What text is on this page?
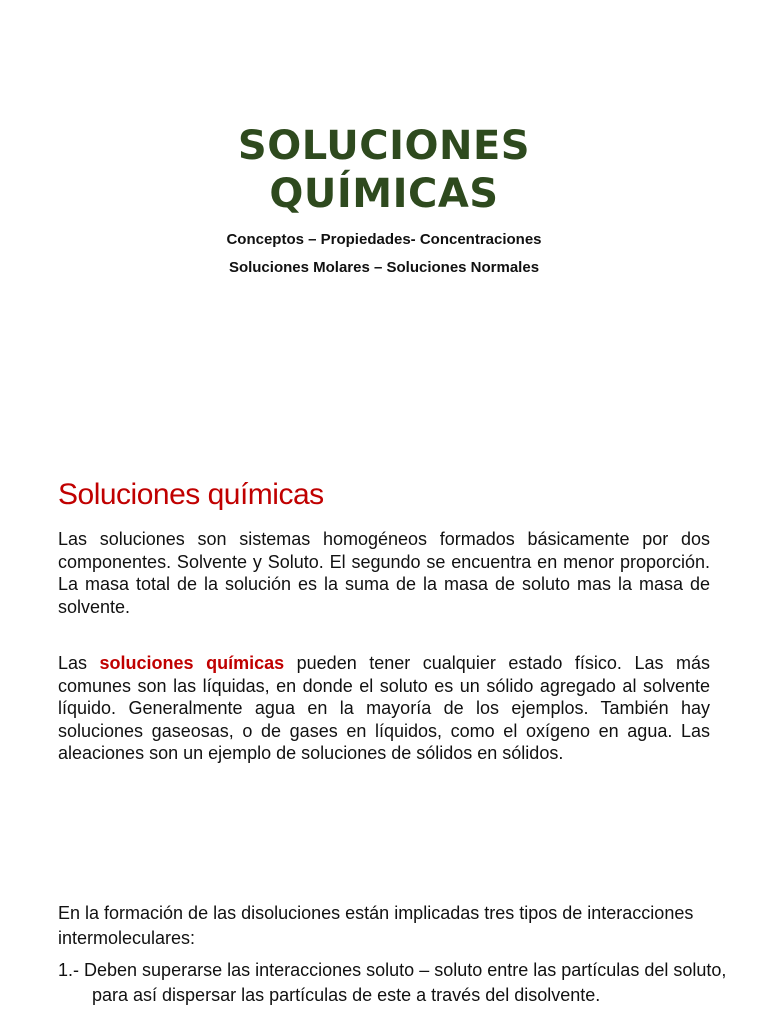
SOLUCIONES
QUÍMICAS
Conceptos – Propiedades- Concentraciones
Soluciones Molares – Soluciones Normales
Soluciones químicas

Las soluciones son sistemas homogéneos formados básicamente por dos componentes. Solvente y Soluto. El segundo se encuentra en menor proporción. La masa total de la solución es la suma de la masa de soluto mas la masa de solvente.

Las soluciones químicas pueden tener cualquier estado físico. Las más comunes son las líquidas, en donde el soluto es un sólido agregado al solvente líquido. Generalmente agua en la mayoría de los ejemplos. También hay soluciones gaseosas, o de gases en líquidos, como el oxígeno en agua. Las aleaciones son un ejemplo de soluciones de sólidos en sólidos.

En la formación de las disoluciones están implicadas tres tipos de interacciones intermoleculares:

1.- Deben superarse las interacciones soluto – soluto entre las partículas del soluto, para así dispersar las partículas de este a través del disolvente.
